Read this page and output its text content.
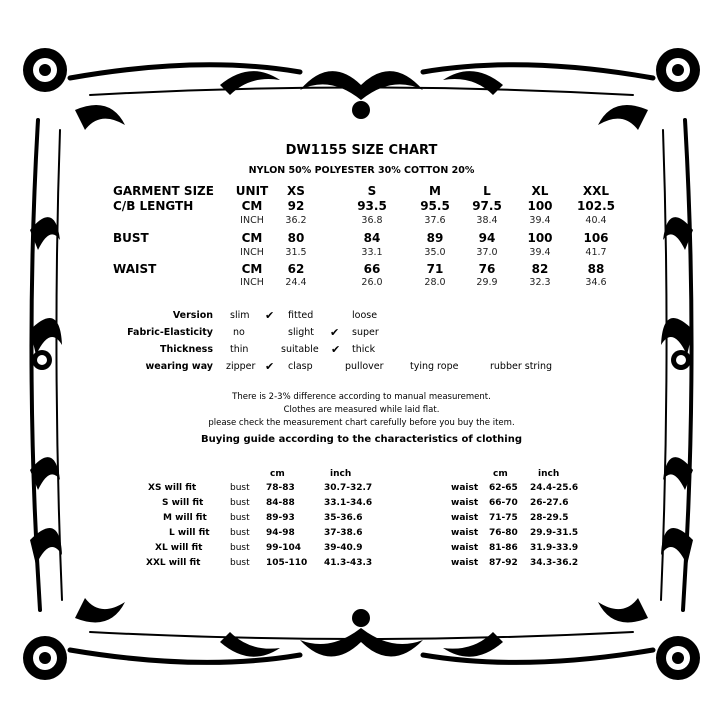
DW1155 SIZE CHART
NYLON 50% POLYESTER 30% COTTON 20%
GARMENT SIZE	UNIT	XS	S	M	L	XL	XXL
C/B LENGTH	CM	92	93.5	95.5	97.5	100	102.5
INCH	36.2	36.8	37.6	38.4	39.4	40.4
BUST	CM	80	84	89	94	100	106
INCH	31.5	33.1	35.0	37.0	39.4	41.7
WAIST	CM	62	66	71	76	82	88
INCH	24.4	26.0	28.0	29.9	32.3	34.6
Version slim ✔ fitted	loose
Fabric-Elasticity no	slight ✔ super
Thickness thin	suitable ✔ thick
wearing way zipper ✔ clasp	pullover	tying rope	rubber string
There is 2-3% difference according to manual measurement.
Clothes are measured while laid flat.
please check the measurement chart carefully before you buy the item.
Buying guide according to the characteristics of clothing
cm	inch	cm	inch
XS will fit	bust 78-83	30.7-32.7	waist 62-65 24.4-25.6
S will fit	bust 84-88	33.1-34.6	waist 66-70 26-27.6
M will fit	bust 89-93	35-36.6	waist 71-75 28-29.5
L will fit bust 94-98	37-38.6	waist 76-80 29.9-31.5
XL will fit	bust 99-104	39-40.9	waist 81-86 31.9-33.9
XXL will fit	bust 105-110 41.3-43.3	waist 87-92 34.3-36.2
